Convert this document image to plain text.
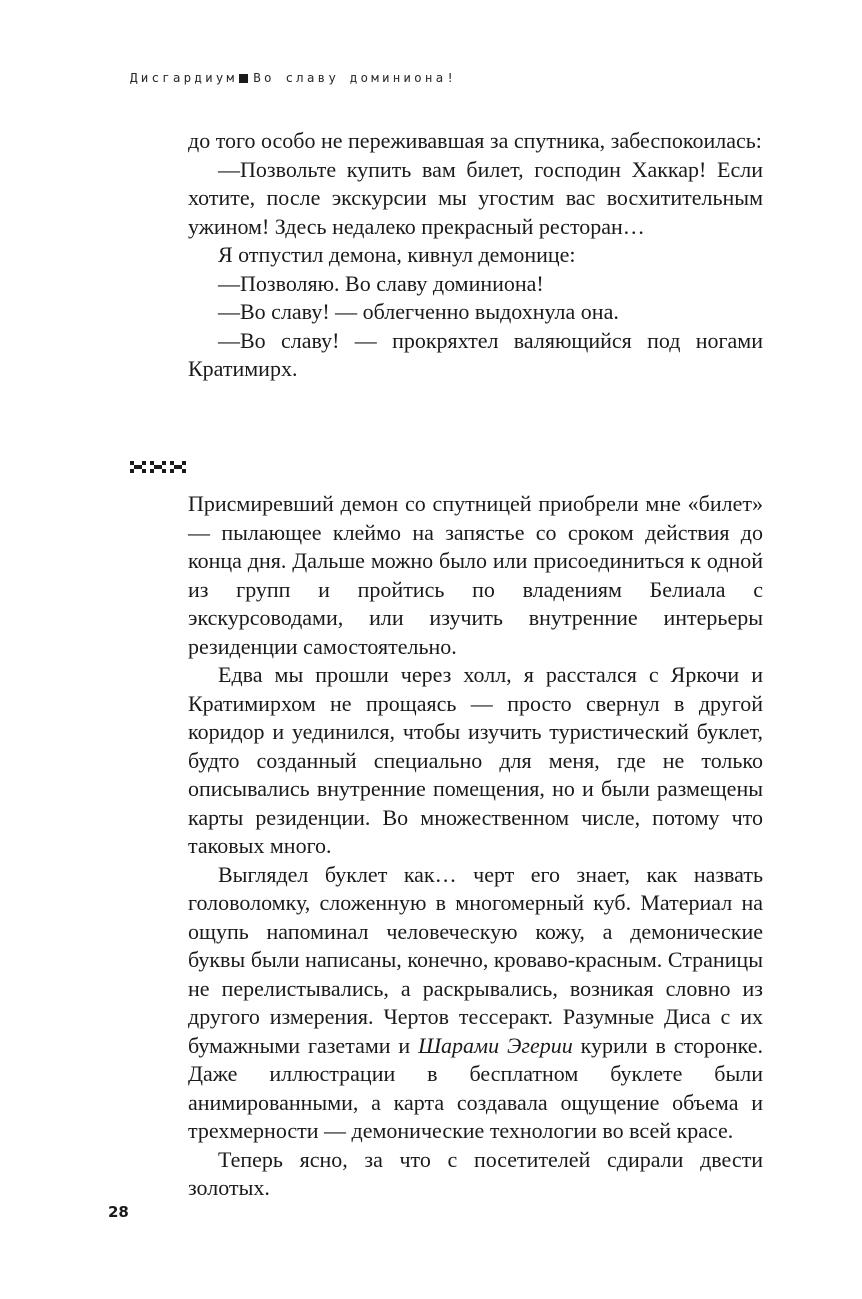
Дисгардиум Во славу доминиона!

до того особо не переживавшая за спутника, забеспокоилась:

—Позвольте купить вам билет, господин Хаккар! Если хотите, после экскурсии мы угостим вас восхитительным ужином! Здесь недалеко прекрасный ресторан…

Я отпустил демона, кивнул демонице:

—Позволяю. Во славу доминиона!

—Во славу! — облегченно выдохнула она.

—Во славу! — прокряхтел валяющийся под ногами Кратимирх.

Присмиревший демон со спутницей приобрели мне «билет» — пылающее клеймо на запястье со сроком действия до конца дня. Дальше можно было или присоединиться к одной из групп и пройтись по владениям Белиала с экскурсоводами, или изучить внутренние интерьеры резиденции самостоятельно.

Едва мы прошли через холл, я расстался с Яркочи и Кратимирхом не прощаясь — просто свернул в другой коридор и уединился, чтобы изучить туристический буклет, будто созданный специально для меня, где не только описывались внутренние помещения, но и были размещены карты резиденции. Во множественном числе, потому что таковых много.

Выглядел буклет как… черт его знает, как назвать головоломку, сложенную в многомерный куб. Материал на ощупь напоминал человеческую кожу, а демонические буквы были написаны, конечно, кроваво-красным. Страницы не перелистывались, а раскрывались, возникая словно из другого измерения. Чертов тессеракт. Разумные Диса с их бумажными газетами и Шарами Эгерии курили в сторонке. Даже иллюстрации в бесплатном буклете были анимированными, а карта создавала ощущение объема и трехмерности — демонические технологии во всей красе.

Теперь ясно, за что с посетителей сдирали двести золотых.

28
